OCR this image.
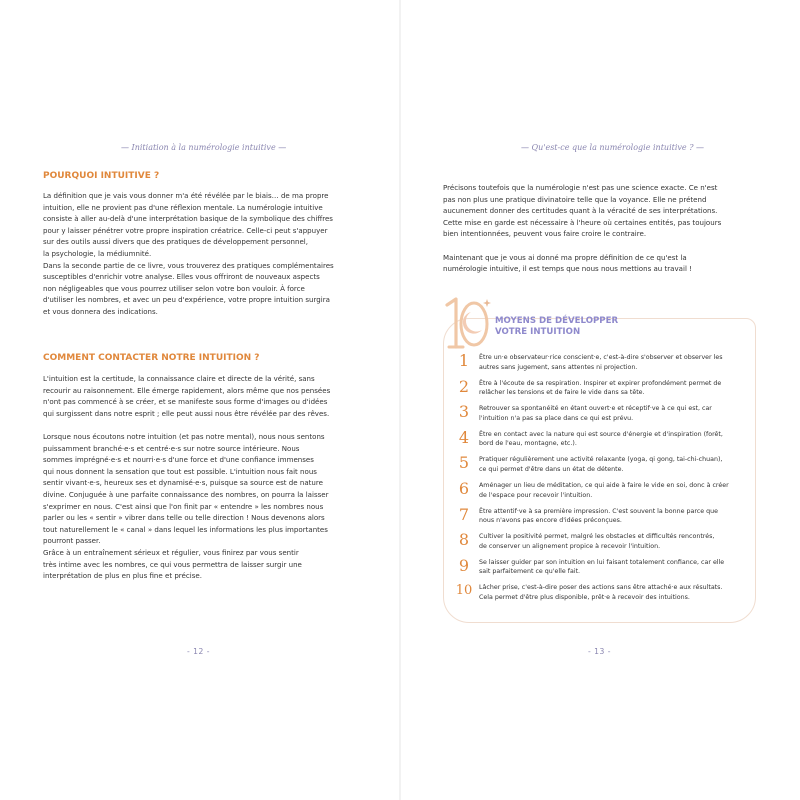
— Initiation à la numérologie intuitive —
POURQUOI INTUITIVE ?
La définition que je vais vous donner m'a été révélée par le biais… de ma propre
intuition, elle ne provient pas d'une réflexion mentale. La numérologie intuitive
consiste à aller au-delà d'une interprétation basique de la symbolique des chiffres
pour y laisser pénétrer votre propre inspiration créatrice. Celle-ci peut s'appuyer
sur des outils aussi divers que des pratiques de développement personnel,
la psychologie, la médiumnité.
Dans la seconde partie de ce livre, vous trouverez des pratiques complémentaires
susceptibles d'enrichir votre analyse. Elles vous offriront de nouveaux aspects
non négligeables que vous pourrez utiliser selon votre bon vouloir. À force
d'utiliser les nombres, et avec un peu d'expérience, votre propre intuition surgira
et vous donnera des indications.
COMMENT CONTACTER NOTRE INTUITION ?
L'intuition est la certitude, la connaissance claire et directe de la vérité, sans
recourir au raisonnement. Elle émerge rapidement, alors même que nos pensées
n'ont pas commencé à se créer, et se manifeste sous forme d'images ou d'idées
qui surgissent dans notre esprit ; elle peut aussi nous être révélée par des rêves.
Lorsque nous écoutons notre intuition (et pas notre mental), nous nous sentons
puissamment branché·e·s et centré·e·s sur notre source intérieure. Nous
sommes imprégné·e·s et nourri·e·s d'une force et d'une confiance immenses
qui nous donnent la sensation que tout est possible. L'intuition nous fait nous
sentir vivant·e·s, heureux ses et dynamisé·e·s, puisque sa source est de nature
divine. Conjuguée à une parfaite connaissance des nombres, on pourra la laisser
s'exprimer en nous. C'est ainsi que l'on finit par « entendre » les nombres nous
parler ou les « sentir » vibrer dans telle ou telle direction ! Nous devenons alors
tout naturellement le « canal » dans lequel les informations les plus importantes
pourront passer.
Grâce à un entraînement sérieux et régulier, vous finirez par vous sentir
très intime avec les nombres, ce qui vous permettra de laisser surgir une
interprétation de plus en plus fine et précise.
- 12 -
— Qu'est-ce que la numérologie intuitive ? —
Précisons toutefois que la numérologie n'est pas une science exacte. Ce n'est
pas non plus une pratique divinatoire telle que la voyance. Elle ne prétend
aucunement donner des certitudes quant à la véracité de ses interprétations.
Cette mise en garde est nécessaire à l'heure où certaines entités, pas toujours
bien intentionnées, peuvent vous faire croire le contraire.
Maintenant que je vous ai donné ma propre définition de ce qu'est la
numérologie intuitive, il est temps que nous nous mettions au travail !
MOYENS DE DÉVELOPPER
VOTRE INTUITION
1	Être un·e observateur·rice conscient·e, c'est-à-dire s'observer et observer les
autres sans jugement, sans attentes ni projection.
2	Être à l'écoute de sa respiration. Inspirer et expirer profondément permet de
relâcher les tensions et de faire le vide dans sa tête.
3	Retrouver sa spontanéité en étant ouvert·e et réceptif·ve à ce qui est, car
l'intuition n'a pas sa place dans ce qui est prévu.
4	Être en contact avec la nature qui est source d'énergie et d'inspiration (forêt,
bord de l'eau, montagne, etc.).
5	Pratiquer régulièrement une activité relaxante (yoga, qi gong, tai-chi-chuan),
ce qui permet d'être dans un état de détente.
6	Aménager un lieu de méditation, ce qui aide à faire le vide en soi, donc à créer
de l'espace pour recevoir l'intuition.
7	Être attentif·ve à sa première impression. C'est souvent la bonne parce que
nous n'avons pas encore d'idées préconçues.
8	Cultiver la positivité permet, malgré les obstacles et difficultés rencontrés,
de conserver un alignement propice à recevoir l'intuition.
9	Se laisser guider par son intuition en lui faisant totalement confiance, car elle
sait parfaitement ce qu'elle fait.
10 Lâcher prise, c'est-à-dire poser des actions sans être attaché·e aux résultats.
Cela permet d'être plus disponible, prêt·e à recevoir des intuitions.
- 13 -
